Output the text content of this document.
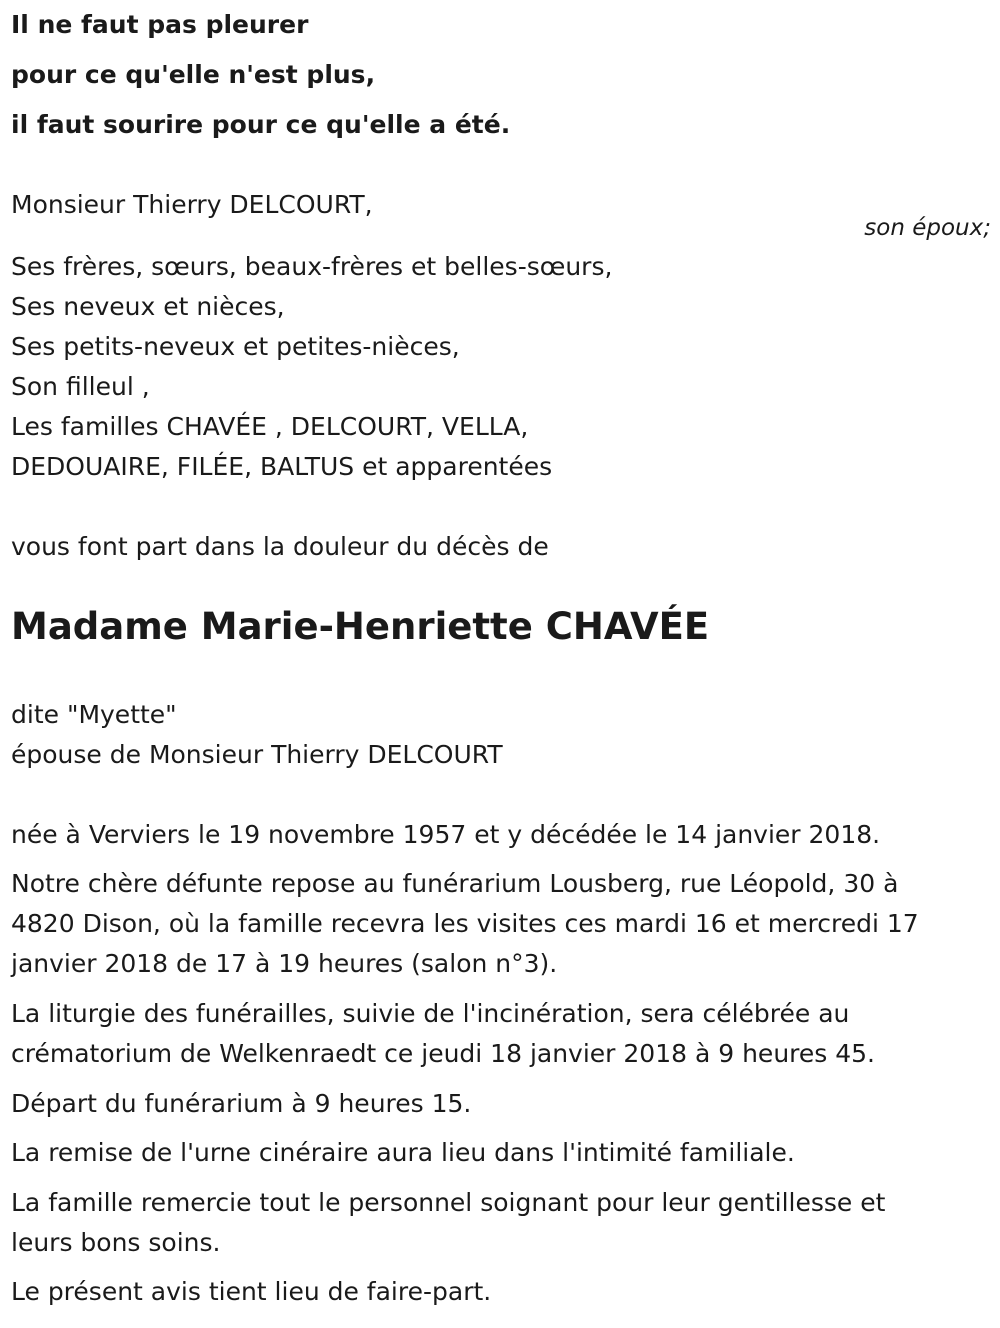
Il ne faut pas pleurer
pour ce qu'elle n'est plus,
il faut sourire pour ce qu'elle a été.
Monsieur Thierry DELCOURT,
son époux;
Ses frères, sœurs, beaux-frères et belles-sœurs,
Ses neveux et nièces,
Ses petits-neveux et petites-nièces,
Son filleul ,
Les familles CHAVÉE , DELCOURT, VELLA,
DEDOUAIRE, FILÉE, BALTUS et apparentées
vous font part dans la douleur du décès de
Madame Marie-Henriette CHAVÉE
dite "Myette"
épouse de Monsieur Thierry DELCOURT
née à Verviers le 19 novembre 1957 et y décédée le 14 janvier 2018.
Notre chère défunte repose au funérarium Lousberg, rue Léopold, 30 à
4820 Dison, où la famille recevra les visites ces mardi 16 et mercredi 17
janvier 2018 de 17 à 19 heures (salon n°3).
La liturgie des funérailles, suivie de l'incinération, sera célébrée au
crématorium de Welkenraedt ce jeudi 18 janvier 2018 à 9 heures 45.
Départ du funérarium à 9 heures 15.
La remise de l'urne cinéraire aura lieu dans l'intimité familiale.
La famille remercie tout le personnel soignant pour leur gentillesse et
leurs bons soins.
Le présent avis tient lieu de faire-part.
